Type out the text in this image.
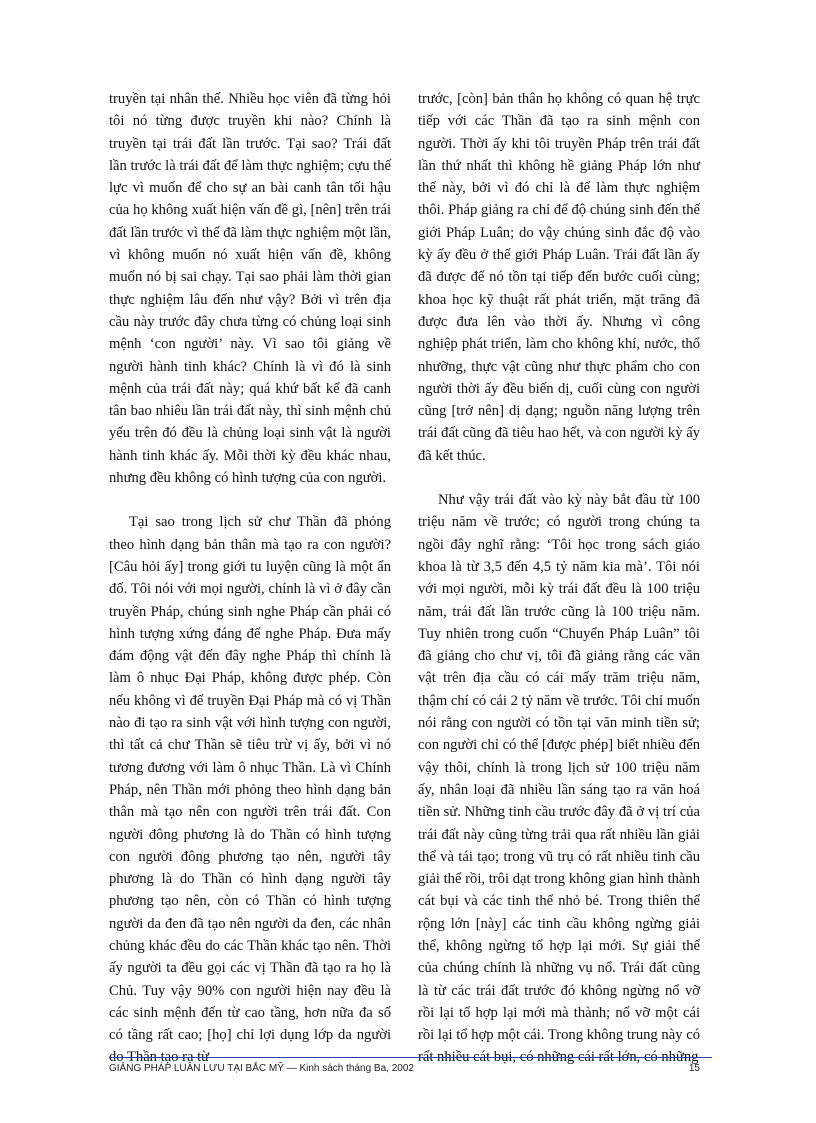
truyền tại nhân thế. Nhiều học viên đã từng hỏi tôi nó từng được truyền khi nào? Chính là truyền tại trái đất lần trước. Tại sao? Trái đất lần trước là trái đất để làm thực nghiệm; cựu thế lực vì muốn để cho sự an bài canh tân tối hậu của họ không xuất hiện vấn đề gì, [nên] trên trái đất lần trước vì thế đã làm thực nghiệm một lần, vì không muốn nó xuất hiện vấn đề, không muốn nó bị sai chạy. Tại sao phải làm thời gian thực nghiệm lâu đến như vậy? Bởi vì trên địa cầu này trước đây chưa từng có chủng loại sinh mệnh ‘con người’ này. Vì sao tôi giảng về người hành tinh khác? Chính là vì đó là sinh mệnh của trái đất này; quá khứ bất kể đã canh tân bao nhiêu lần trái đất này, thì sinh mệnh chủ yếu trên đó đều là chủng loại sinh vật là người hành tinh khác ấy. Mỗi thời kỳ đều khác nhau, nhưng đều không có hình tượng của con người.

Tại sao trong lịch sử chư Thần đã phỏng theo hình dạng bản thân mà tạo ra con người? [Câu hỏi ấy] trong giới tu luyện cũng là một ẩn đố. Tôi nói với mọi người, chính là vì ở đây cần truyền Pháp, chúng sinh nghe Pháp cần phải có hình tượng xứng đáng để nghe Pháp. Đưa mấy đám động vật đến đây nghe Pháp thì chính là làm ô nhục Đại Pháp, không được phép. Còn nếu không vì để truyền Đại Pháp mà có vị Thần nào đi tạo ra sinh vật với hình tượng con người, thì tất cả chư Thần sẽ tiêu trừ vị ấy, bởi vì nó tương đương với làm ô nhục Thần. Là vì Chính Pháp, nên Thần mới phỏng theo hình dạng bản thân mà tạo nên con người trên trái đất. Con người đông phương là do Thần có hình tượng con người đông phương tạo nên, người tây phương là do Thần có hình dạng người tây phương tạo nên, còn có Thần có hình tượng người da đen đã tạo nên người da đen, các nhân chủng khác đều do các Thần khác tạo nên. Thời ấy người ta đều gọi các vị Thần đã tạo ra họ là Chủ. Tuy vậy 90% con người hiện nay đều là các sinh mệnh đến từ cao tầng, hơn nữa đa số có tầng rất cao; [họ] chỉ lợi dụng lớp da người do Thần tạo ra từ

trước, [còn] bản thân họ không có quan hệ trực tiếp với các Thần đã tạo ra sinh mệnh con người. Thời ấy khi tôi truyền Pháp trên trái đất lần thứ nhất thì không hề giảng Pháp lớn như thế này, bởi vì đó chỉ là để làm thực nghiệm thôi. Pháp giảng ra chỉ để độ chúng sinh đến thế giới Pháp Luân; do vậy chúng sinh đắc độ vào kỳ ấy đều ở thế giới Pháp Luân. Trái đất lần ấy đã được để nó tồn tại tiếp đến bước cuối cùng; khoa học kỹ thuật rất phát triển, mặt trăng đã được đưa lên vào thời ấy. Nhưng vì công nghiệp phát triển, làm cho không khí, nước, thổ nhưỡng, thực vật cũng như thực phẩm cho con người thời ấy đều biến dị, cuối cùng con người cũng [trở nên] dị dạng; nguồn năng lượng trên trái đất cũng đã tiêu hao hết, và con người kỳ ấy đã kết thúc.

Như vậy trái đất vào kỳ này bắt đầu từ 100 triệu năm về trước; có người trong chúng ta ngồi đây nghĩ rằng: ‘Tôi học trong sách giáo khoa là từ 3,5 đến 4,5 tỷ năm kia mà’. Tôi nói với mọi người, mỗi kỳ trái đất đều là 100 triệu năm, trái đất lần trước cũng là 100 triệu năm. Tuy nhiên trong cuốn “Chuyển Pháp Luân” tôi đã giảng cho chư vị, tôi đã giảng rằng các văn vật trên địa cầu có cái mấy trăm triệu năm, thậm chí có cái 2 tỷ năm về trước. Tôi chỉ muốn nói rằng con người có tồn tại văn minh tiền sử; con người chỉ có thể [được phép] biết nhiều đến vậy thôi, chính là trong lịch sử 100 triệu năm ấy, nhân loại đã nhiều lần sáng tạo ra văn hoá tiền sử. Những tinh cầu trước đây đã ở vị trí của trái đất này cũng từng trải qua rất nhiều lần giải thể và tái tạo; trong vũ trụ có rất nhiều tinh cầu giải thể rồi, trôi dạt trong không gian hình thành cát bụi và các tinh thể nhỏ bé. Trong thiên thể rộng lớn [này] các tinh cầu không ngừng giải thể, không ngừng tổ hợp lại mới. Sự giải thể của chúng chính là những vụ nổ. Trái đất cũng là từ các trái đất trước đó không ngừng nổ vỡ rồi lại tổ hợp lại mới mà thành; nổ vỡ một cái rồi lại tổ hợp một cái. Trong không trung này có rất nhiều cát bụi, có những cái rất lớn, có những

GIẢNG PHÁP LUÂN LƯU TẠI BẮC MỸ — Kinh sách tháng Ba, 2002	15
